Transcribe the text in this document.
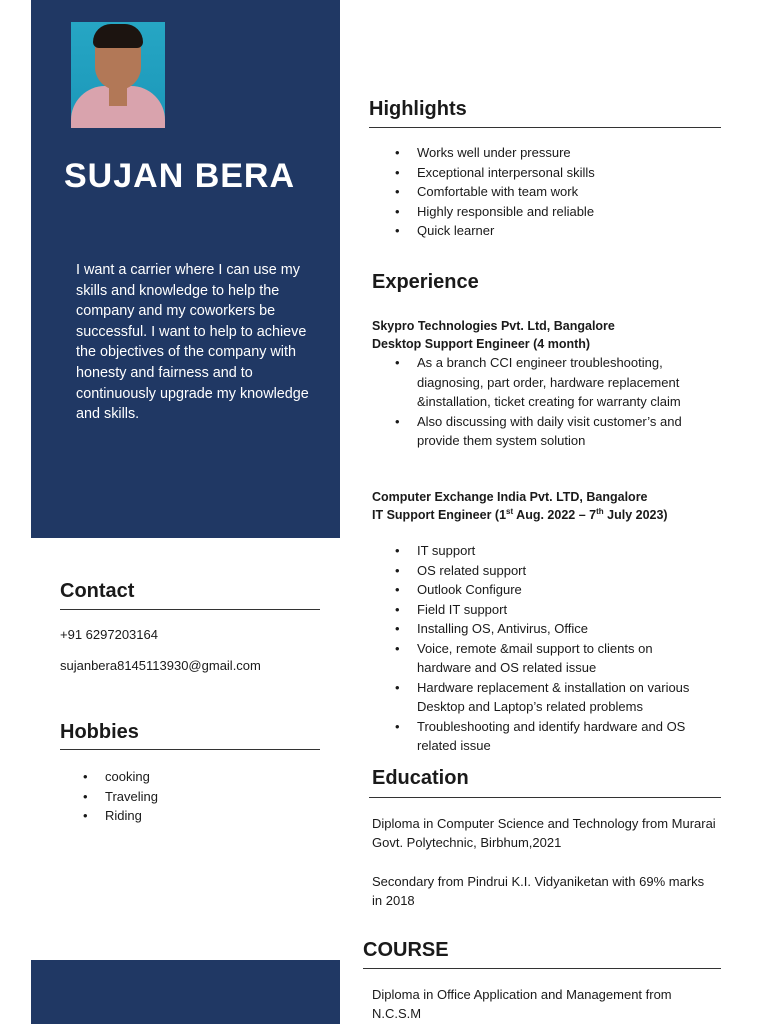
SUJAN BERA

I want a carrier where I can use my skills and knowledge to help the company and my coworkers be successful. I want to help to achieve the objectives of the company with honesty and fairness and to continuously upgrade my knowledge and skills.

Contact

+91 6297203164

sujanbera8145113930@gmail.com

Hobbies
• cooking
• Traveling
• Riding
Highlights
• Works well under pressure
• Exceptional interpersonal skills
• Comfortable with team work
• Highly responsible and reliable
• Quick learner
Experience

Skypro Technologies Pvt. Ltd, Bangalore

Desktop Support Engineer (4 month)

• As a branch CCI engineer troubleshooting, diagnosing, part order, hardware replacement &installation, ticket creating for warranty claim
• Also discussing with daily visit customer’s and provide them system solution

Computer Exchange India Pvt. LTD, Bangalore

IT Support Engineer (1st Aug. 2022 – 7th July 2023)

• IT support
• OS related support
• Outlook Configure
• Field IT support
• Installing OS, Antivirus, Office
• Voice, remote &mail support to clients on hardware and OS related issue
• Hardware replacement & installation on various Desktop and Laptop’s related problems
• Troubleshooting and identify hardware and OS related issue
Education

Diploma in Computer Science and Technology from Murarai Govt. Polytechnic, Birbhum,2021

Secondary from Pindrui K.I. Vidyaniketan with 69% marks in 2018

COURSE

Diploma in Office Application and Management from N.C.S.M
